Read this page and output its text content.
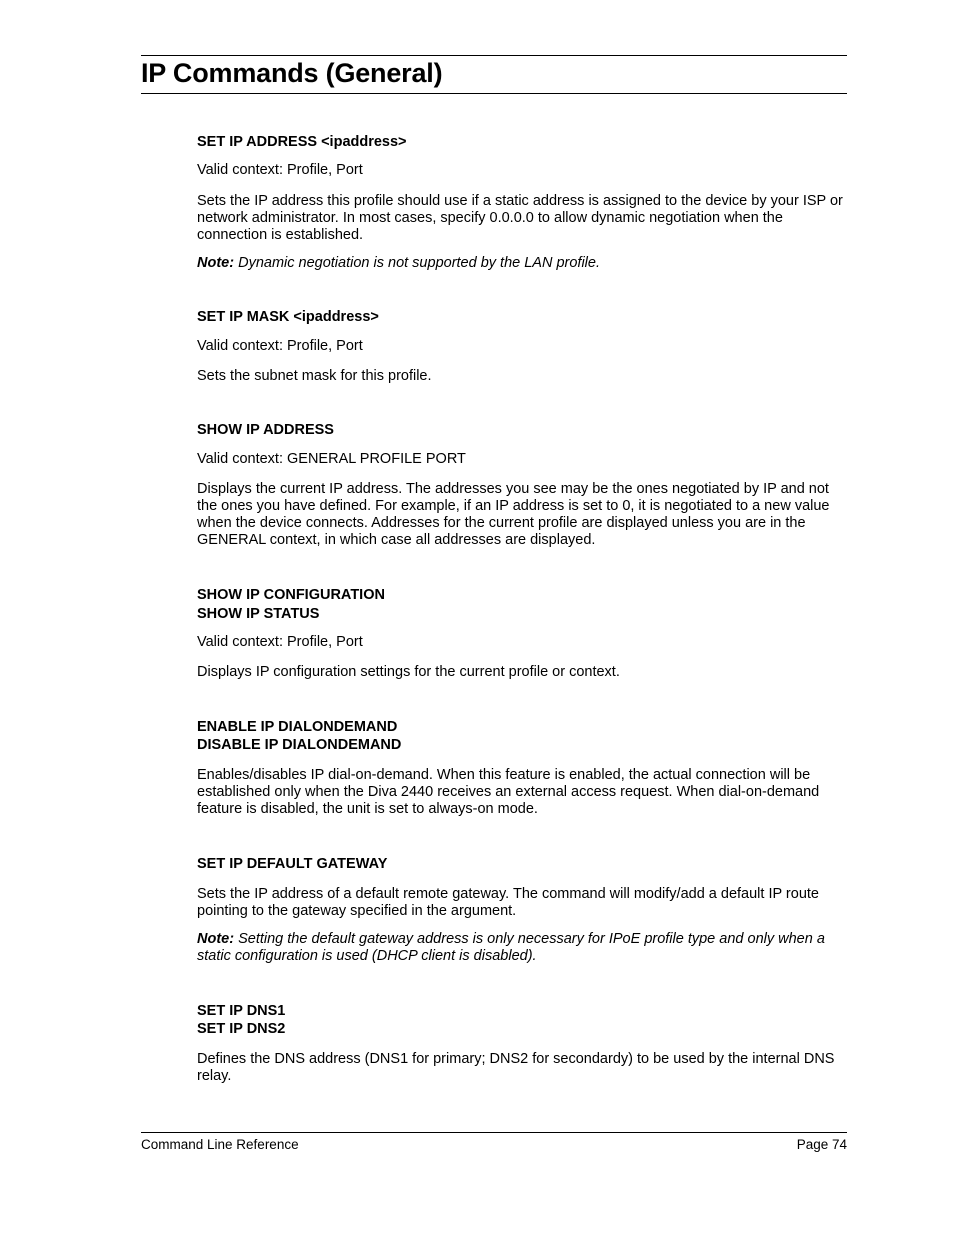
IP Commands (General)

SET IP ADDRESS <ipaddress>

Valid context: Profile, Port

Sets the IP address this profile should use if a static address is assigned to the device by your ISP or network administrator. In most cases, specify 0.0.0.0 to allow dynamic negotiation when the connection is established.

Note: Dynamic negotiation is not supported by the LAN profile.

SET IP MASK <ipaddress>

Valid context: Profile, Port

Sets the subnet mask for this profile.

SHOW IP ADDRESS

Valid context: GENERAL PROFILE PORT

Displays the current IP address. The addresses you see may be the ones negotiated by IP and not the ones you have defined. For example, if an IP address is set to 0, it is negotiated to a new value when the device connects. Addresses for the current profile are displayed unless you are in the GENERAL context, in which case all addresses are displayed.

SHOW IP CONFIGURATION

SHOW IP STATUS

Valid context: Profile, Port

Displays IP configuration settings for the current profile or context.

ENABLE IP DIALONDEMAND

DISABLE IP DIALONDEMAND

Enables/disables IP dial-on-demand. When this feature is enabled, the actual connection will be established only when the Diva 2440 receives an external access request. When dial-on-demand feature is disabled, the unit is set to always-on mode.

SET IP DEFAULT GATEWAY

Sets the IP address of a default remote gateway. The command will modify/add a default IP route pointing to the gateway specified in the argument.

Note: Setting the default gateway address is only necessary for IPoE profile type and only when a static configuration is used (DHCP client is disabled).

SET IP DNS1

SET IP DNS2

Defines the DNS address (DNS1 for primary; DNS2 for secondardy) to be used by the internal DNS relay.

Command Line Reference	Page 74
